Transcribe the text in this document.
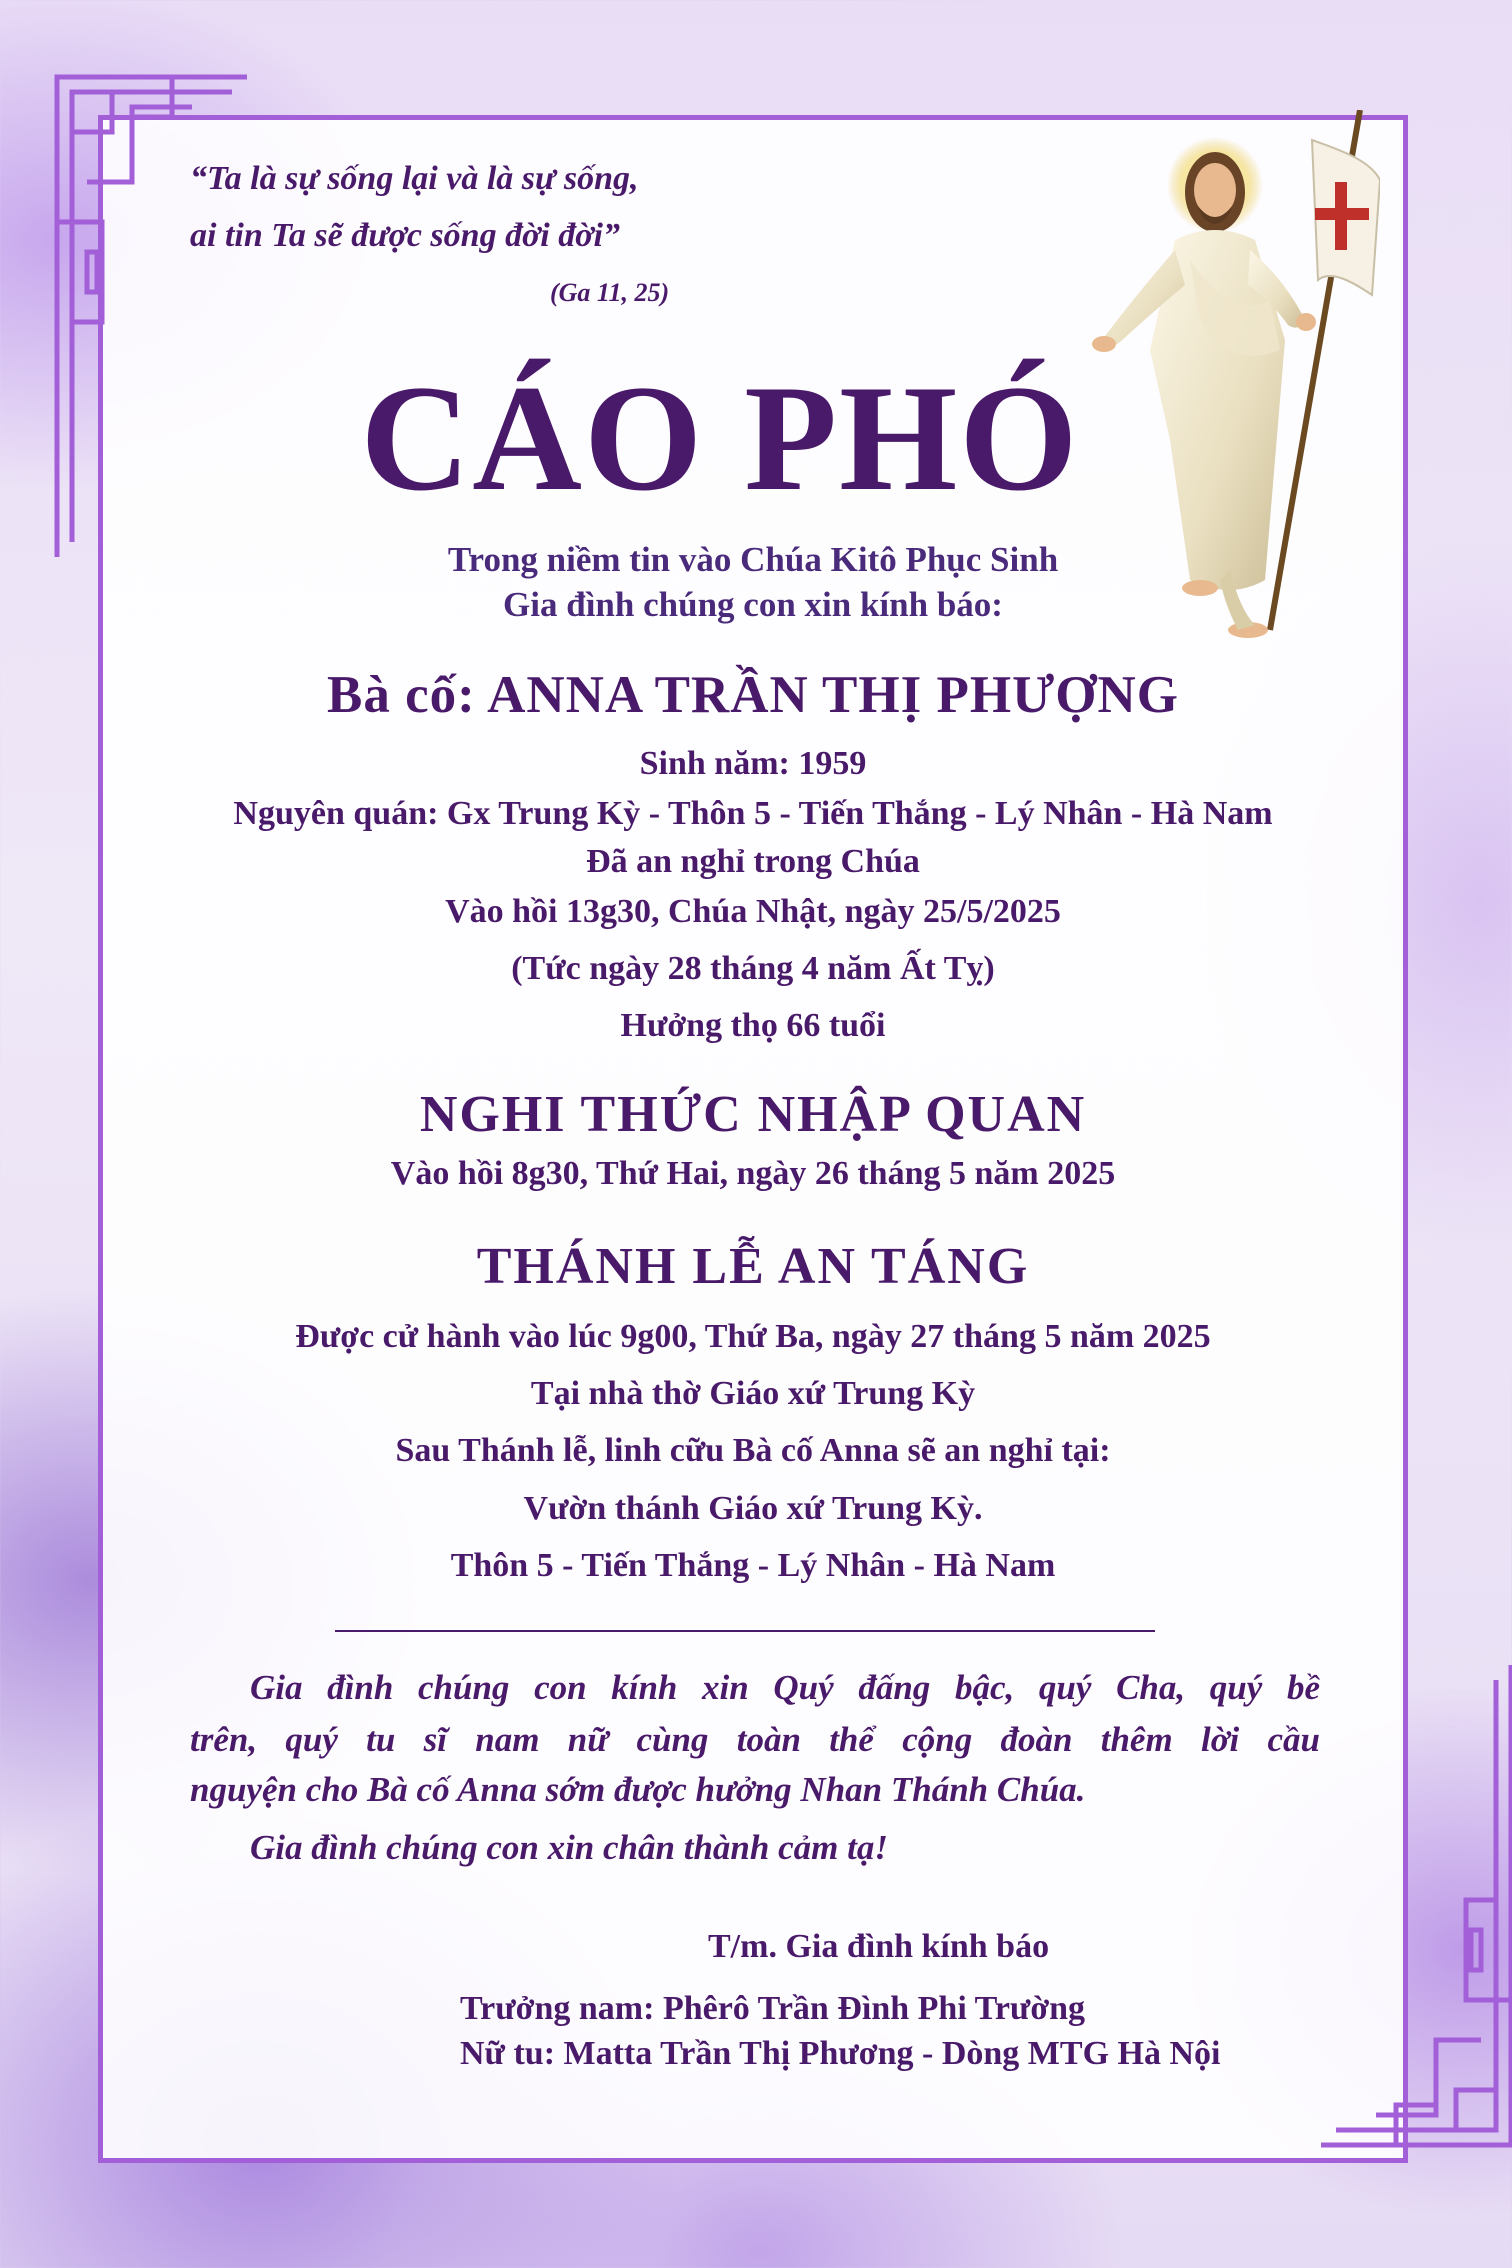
“Ta là sự sống lại và là sự sống,
ai tin Ta sẽ được sống đời đời”
(Ga 11, 25)
CÁO PHÓ
Trong niềm tin vào Chúa Kitô Phục Sinh
Gia đình chúng con xin kính báo:
Bà cố: ANNA TRẦN THỊ PHƯỢNG
Sinh năm: 1959
Nguyên quán: Gx Trung Kỳ - Thôn 5 - Tiến Thắng - Lý Nhân - Hà Nam
Đã an nghỉ trong Chúa
Vào hồi 13g30, Chúa Nhật, ngày 25/5/2025
(Tức ngày 28 tháng 4 năm Ất Tỵ)
Hưởng thọ 66 tuổi
NGHI THỨC NHẬP QUAN
Vào hồi 8g30, Thứ Hai, ngày 26 tháng 5 năm 2025
THÁNH LỄ AN TÁNG
Được cử hành vào lúc 9g00, Thứ Ba, ngày 27 tháng 5 năm 2025
Tại nhà thờ Giáo xứ Trung Kỳ
Sau Thánh lễ, linh cữu Bà cố Anna sẽ an nghỉ tại:
Vườn thánh Giáo xứ Trung Kỳ.
Thôn 5 - Tiến Thắng - Lý Nhân - Hà Nam
Gia đình chúng con kính xin Quý đấng bậc, quý Cha, quý bề
trên, quý tu sĩ nam nữ cùng toàn thể cộng đoàn thêm lời cầu
nguyện cho Bà cố Anna sớm được hưởng Nhan Thánh Chúa.
Gia đình chúng con xin chân thành cảm tạ!
T/m. Gia đình kính báo
Trưởng nam: Phêrô Trần Đình Phi Trường
Nữ tu: Matta Trần Thị Phương - Dòng MTG Hà Nội
